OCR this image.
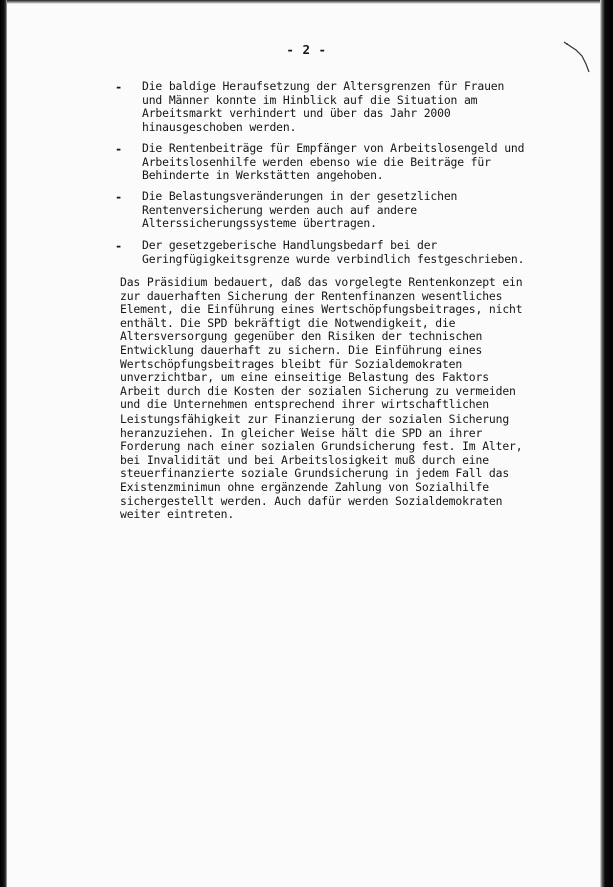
- 2 -
- Die baldige Heraufsetzung der Altersgrenzen für Frauen
und Männer konnte im Hinblick auf die Situation am
Arbeitsmarkt verhindert und über das Jahr 2000
hinausgeschoben werden.
- Die Rentenbeiträge für Empfänger von Arbeitslosengeld und
Arbeitslosenhilfe werden ebenso wie die Beiträge für
Behinderte in Werkstätten angehoben.
- Die Belastungsveränderungen in der gesetzlichen
Rentenversicherung werden auch auf andere
Alterssicherungssysteme übertragen.
- Der gesetzgeberische Handlungsbedarf bei der
Geringfügigkeitsgrenze wurde verbindlich festgeschrieben.
Das Präsidium bedauert, daß das vorgelegte Rentenkonzept ein
zur dauerhaften Sicherung der Rentenfinanzen wesentliches
Element, die Einführung eines Wertschöpfungsbeitrages, nicht
enthält. Die SPD bekräftigt die Notwendigkeit, die
Altersversorgung gegenüber den Risiken der technischen
Entwicklung dauerhaft zu sichern. Die Einführung eines
Wertschöpfungsbeitrages bleibt für Sozialdemokraten
unverzichtbar, um eine einseitige Belastung des Faktors
Arbeit durch die Kosten der sozialen Sicherung zu vermeiden
und die Unternehmen entsprechend ihrer wirtschaftlichen
Leistungsfähigkeit zur Finanzierung der sozialen Sicherung
heranzuziehen. In gleicher Weise hält die SPD an ihrer
Forderung nach einer sozialen Grundsicherung fest. Im Alter,
bei Invalidität und bei Arbeitslosigkeit muß durch eine
steuerfinanzierte soziale Grundsicherung in jedem Fall das
Existenzminimun ohne ergänzende Zahlung von Sozialhilfe
sichergestellt werden. Auch dafür werden Sozialdemokraten
weiter eintreten.
